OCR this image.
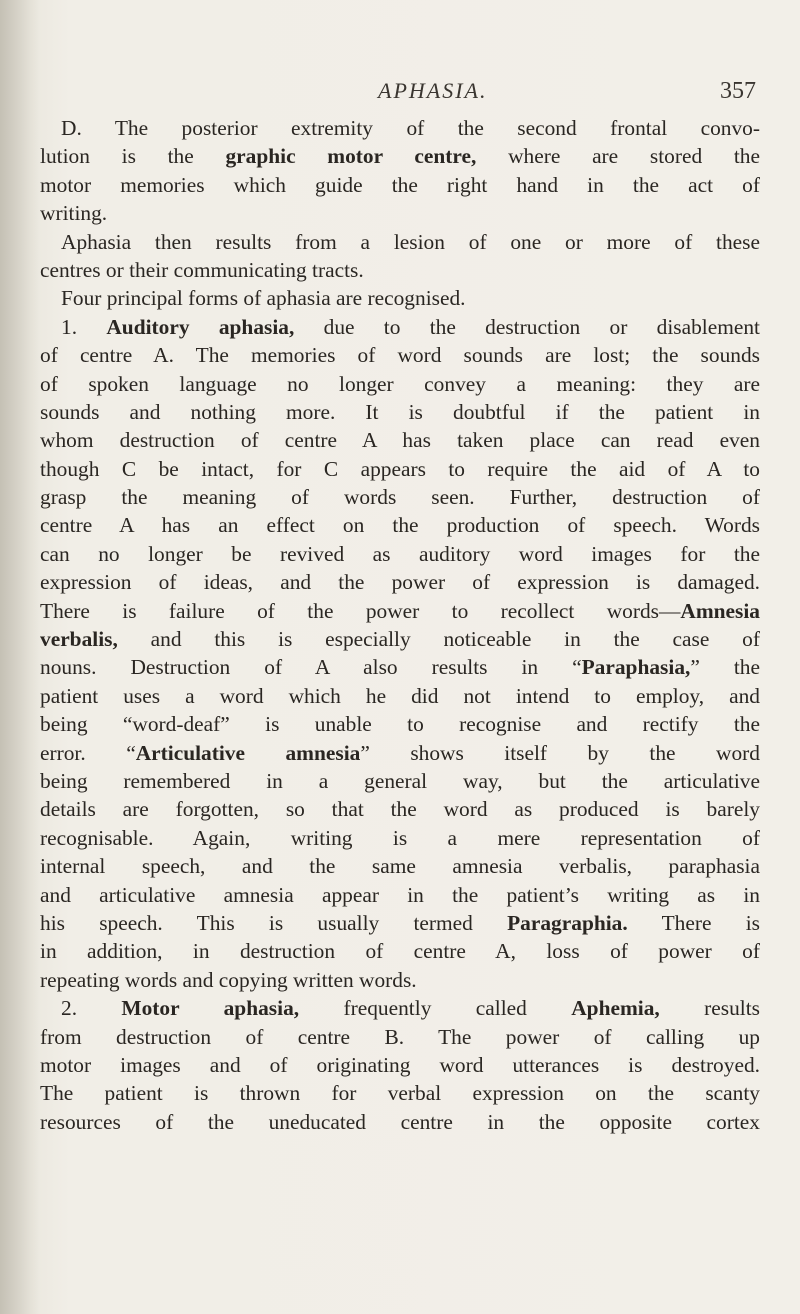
APHASIA.	357
D. The posterior extremity of the second frontal convo-
lution is the graphic motor centre, where are stored the
motor memories which guide the right hand in the act of
writing.
Aphasia then results from a lesion of one or more of these
centres or their communicating tracts.
Four principal forms of aphasia are recognised.
1. Auditory aphasia, due to the destruction or disablement
of centre A. The memories of word sounds are lost; the sounds
of spoken language no longer convey a meaning: they are
sounds and nothing more. It is doubtful if the patient in
whom destruction of centre A has taken place can read even
though C be intact, for C appears to require the aid of A to
grasp the meaning of words seen. Further, destruction of
centre A has an effect on the production of speech. Words
can no longer be revived as auditory word images for the
expression of ideas, and the power of expression is damaged.
There is failure of the power to recollect words—Amnesia
verbalis, and this is especially noticeable in the case of
nouns. Destruction of A also results in “Paraphasia,” the
patient uses a word which he did not intend to employ, and
being “word-deaf” is unable to recognise and rectify the
error. “Articulative amnesia” shows itself by the word
being remembered in a general way, but the articulative
details are forgotten, so that the word as produced is barely
recognisable. Again, writing is a mere representation of
internal speech, and the same amnesia verbalis, paraphasia
and articulative amnesia appear in the patient’s writing as in
his speech. This is usually termed Paragraphia. There is
in addition, in destruction of centre A, loss of power of
repeating words and copying written words.
2. Motor aphasia, frequently called Aphemia, results
from destruction of centre B. The power of calling up
motor images and of originating word utterances is destroyed.
The patient is thrown for verbal expression on the scanty
resources of the uneducated centre in the opposite cortex
